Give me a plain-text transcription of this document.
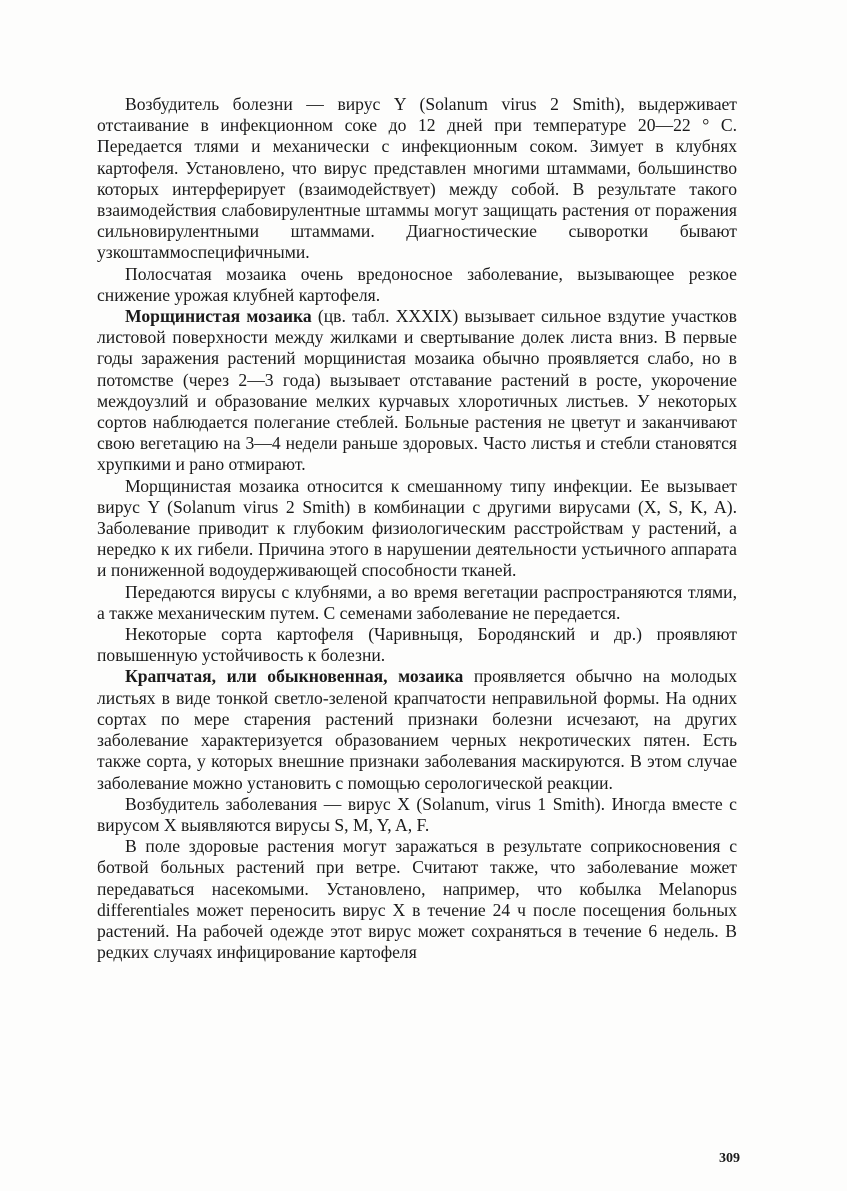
Возбудитель болезни — вирус Y (Solanum virus 2 Smith), выдерживает отстаивание в инфекционном соке до 12 дней при температуре 20—22 ° С. Передается тлями и механически с инфекционным соком. Зимует в клубнях картофеля. Установлено, что вирус представлен многими штаммами, большинство которых интерферирует (взаимодействует) между собой. В результате такого взаимодействия слабовирулентные штаммы могут защищать растения от поражения сильновирулентными штаммами. Диагностические сыворотки бывают узкоштаммоспецифичными.

Полосчатая мозаика очень вредоносное заболевание, вызывающее резкое снижение урожая клубней картофеля.

Морщинистая мозаика (цв. табл. XXXIX) вызывает сильное вздутие участков листовой поверхности между жилками и свертывание долек листа вниз. В первые годы заражения растений морщинистая мозаика обычно проявляется слабо, но в потомстве (через 2—3 года) вызывает отставание растений в росте, укорочение междоузлий и образование мелких курчавых хлоротичных листьев. У некоторых сортов наблюдается полегание стеблей. Больные растения не цветут и заканчивают свою вегетацию на 3—4 недели раньше здоровых. Часто листья и стебли становятся хрупкими и рано отмирают.

Морщинистая мозаика относится к смешанному типу инфекции. Ее вызывает вирус Y (Solanum virus 2 Smith) в комбинации с другими вирусами (X, S, K, A). Заболевание приводит к глубоким физиологическим расстройствам у растений, а нередко к их гибели. Причина этого в нарушении деятельности устьичного аппарата и пониженной водоудерживающей способности тканей.

Передаются вирусы с клубнями, а во время вегетации распространяются тлями, а также механическим путем. С семенами заболевание не передается.

Некоторые сорта картофеля (Чаривныця, Бородянский и др.) проявляют повышенную устойчивость к болезни.

Крапчатая, или обыкновенная, мозаика проявляется обычно на молодых листьях в виде тонкой светло-зеленой крапчатости неправильной формы. На одних сортах по мере старения растений признаки болезни исчезают, на других заболевание характеризуется образованием черных некротических пятен. Есть также сорта, у которых внешние признаки заболевания маскируются. В этом случае заболевание можно установить с помощью серологической реакции.

Возбудитель заболевания — вирус X (Solanum, virus 1 Smith). Иногда вместе с вирусом X выявляются вирусы S, M, Y, A, F.

В поле здоровые растения могут заражаться в результате соприкосновения с ботвой больных растений при ветре. Считают также, что заболевание может передаваться насекомыми. Установлено, например, что кобылка Melanopus differentiales может переносить вирус X в течение 24 ч после посещения больных растений. На рабочей одежде этот вирус может сохраняться в течение 6 недель. В редких случаях инфицирование картофеля

309
